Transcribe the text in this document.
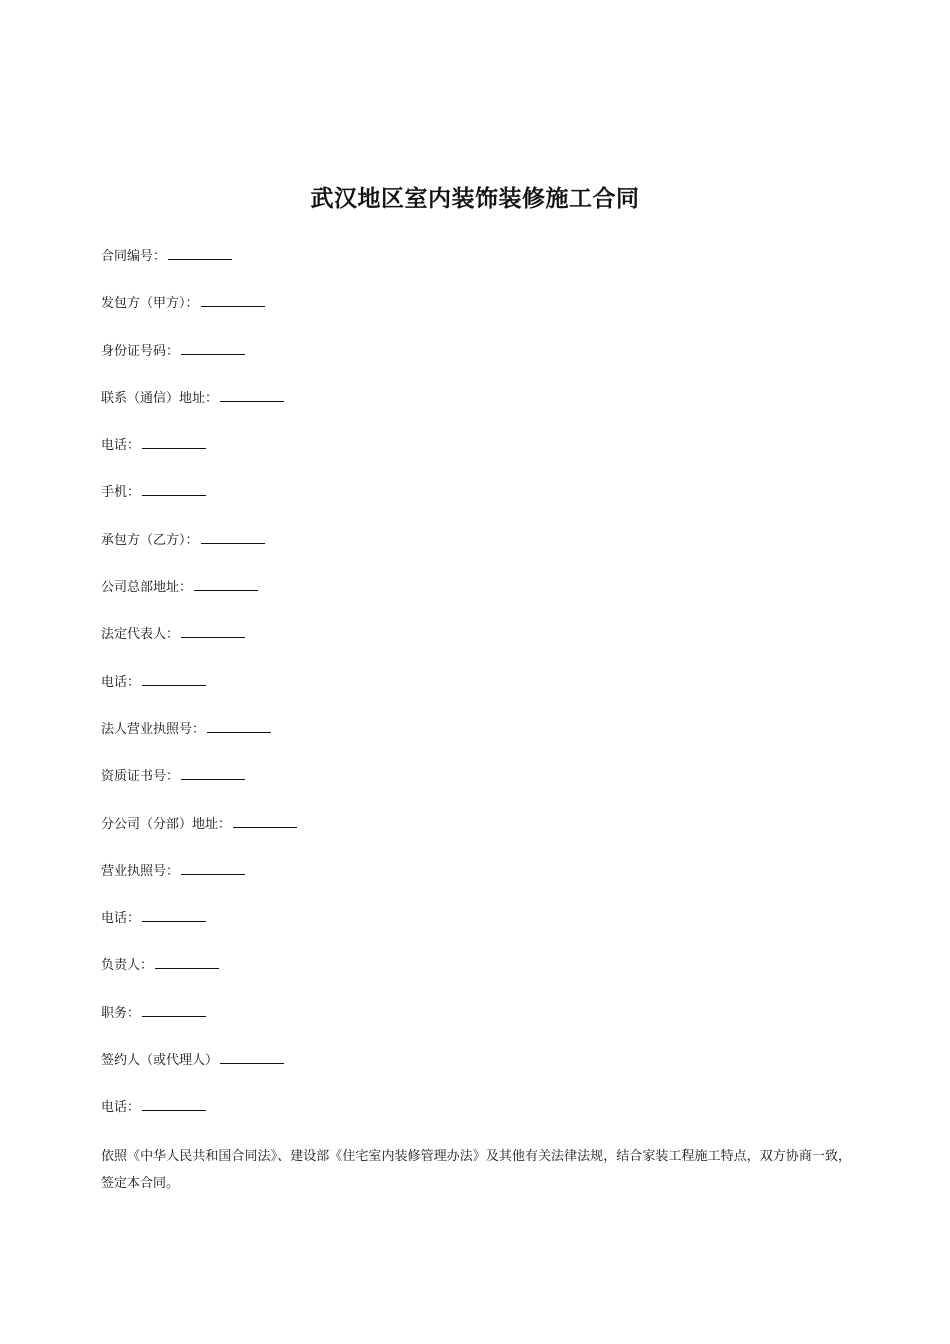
武汉地区室内装饰装修施工合同
合同编号：
发包方（甲方）：
身份证号码：
联系（通信）地址：
电话：
手机：
承包方（乙方）：
公司总部地址：
法定代表人：
电话：
法人营业执照号：
资质证书号：
分公司（分部）地址：
营业执照号：
电话：
负责人：
职务：
签约人（或代理人）
电话：
依照《中华人民共和国合同法》、建设部《住宅室内装修管理办法》及其他有关法律法规，结合家装工程施工特点，双方协商一致，签定本合同。
